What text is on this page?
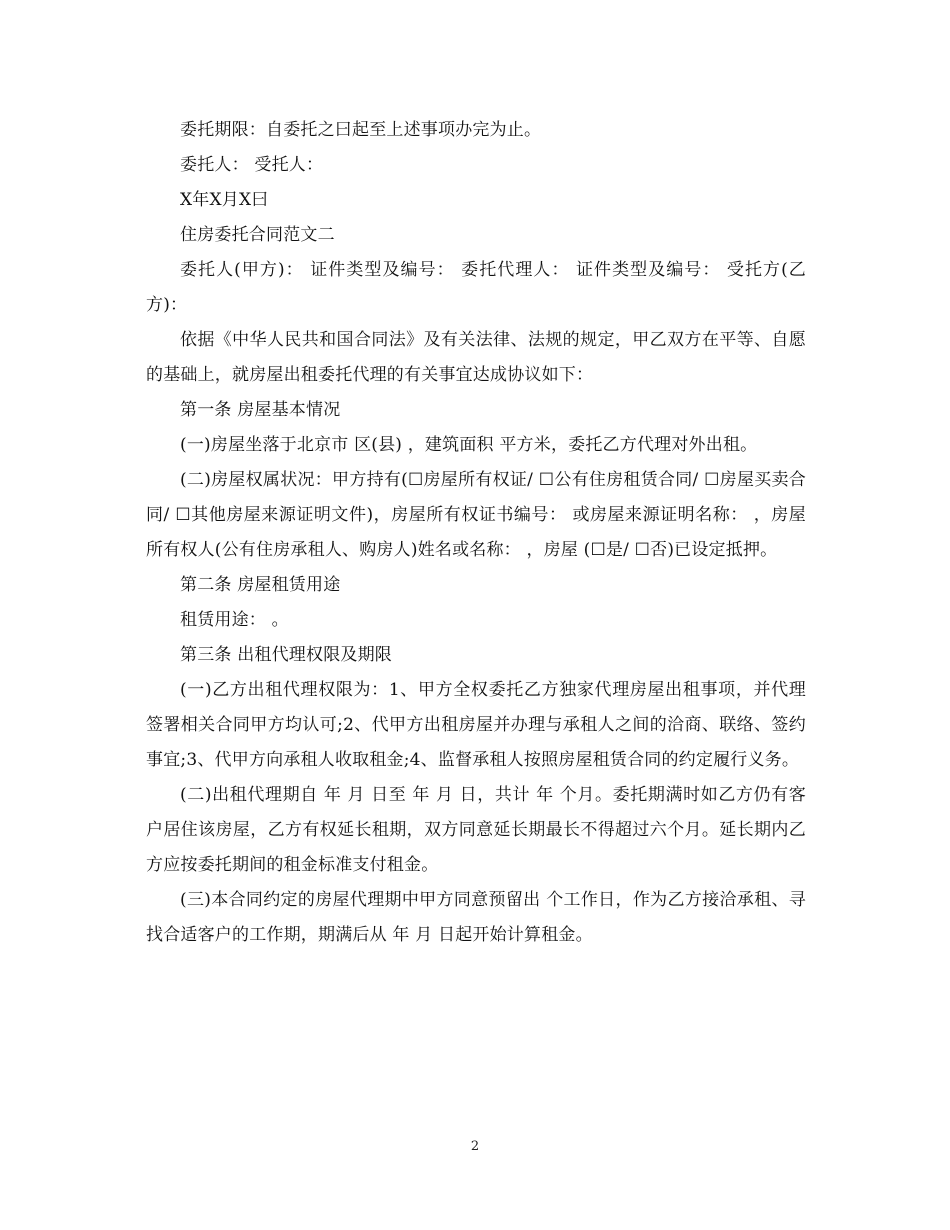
委托期限：自委托之曰起至上述事项办完为止。

委托人： 受托人：

X年X月X曰

住房委托合同范文二

委托人(甲方)： 证件类型及编号： 委托代理人： 证件类型及编号： 受托方(乙方)：

依据《中华人民共和国合同法》及有关法律、法规的规定，甲乙双方在平等、自愿的基础上，就房屋出租委托代理的有关事宜达成协议如下：

第一条 房屋基本情况

(一)房屋坐落于北京市 区(县) ，建筑面积 平方米，委托乙方代理对外出租。

(二)房屋权属状况：甲方持有(☐房屋所有权证/ ☐公有住房租赁合同/ ☐房屋买卖合同/ ☐其他房屋来源证明文件)，房屋所有权证书编号： 或房屋来源证明名称： ，房屋所有权人(公有住房承租人、购房人)姓名或名称： ，房屋 (☐是/ ☐否)已设定抵押。

第二条 房屋租赁用途

租赁用途： 。

第三条 出租代理权限及期限

(一)乙方出租代理权限为：1、甲方全权委托乙方独家代理房屋出租事项，并代理签署相关合同甲方均认可;2、代甲方出租房屋并办理与承租人之间的洽商、联络、签约事宜;3、代甲方向承租人收取租金;4、监督承租人按照房屋租赁合同的约定履行义务。

(二)出租代理期自 年 月 日至 年 月 日，共计 年 个月。委托期满时如乙方仍有客户居住该房屋，乙方有权延长租期，双方同意延长期最长不得超过六个月。延长期内乙方应按委托期间的租金标准支付租金。

(三)本合同约定的房屋代理期中甲方同意预留出 个工作日，作为乙方接洽承租、寻找合适客户的工作期，期满后从 年 月 日起开始计算租金。

2
